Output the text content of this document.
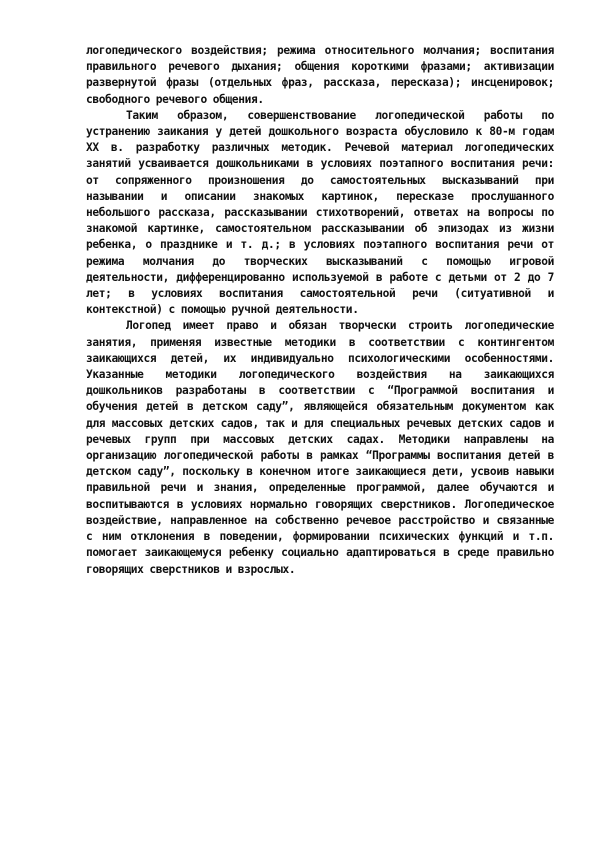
логопедического воздействия; режима относительного молчания; воспитания правильного речевого дыхания; общения короткими фразами; активизации развернутой фразы (отдельных фраз, рассказа, пересказа); инсценировок; свободного речевого общения.

Таким образом, совершенствование логопедической работы по устранению заикания у детей дошкольного возраста обусловило к 80-м годам XX в. разработку различных методик. Речевой материал логопедических занятий усваивается дошкольниками в условиях поэтапного воспитания речи: от сопряженного произношения до самостоятельных высказываний при назывании и описании знакомых картинок, пересказе прослушанного небольшого рассказа, рассказывании стихотворений, ответах на вопросы по знакомой картинке, самостоятельном рассказывании об эпизодах из жизни ребенка, о празднике и т. д.; в условиях поэтапного воспитания речи от режима молчания до творческих высказываний с помощью игровой деятельности, дифференцированно используемой в работе с детьми от 2 до 7 лет; в условиях воспитания самостоятельной речи (ситуативной и контекстной) с помощью ручной деятельности.

Логопед имеет право и обязан творчески строить логопедические занятия, применяя известные методики в соответствии с контингентом заикающихся детей, их индивидуально психологическими особенностями. Указанные методики логопедического воздействия на заикающихся дошкольников разработаны в соответствии с “Программой воспитания и обучения детей в детском саду”, являющейся обязательным документом как для массовых детских садов, так и для специальных речевых детских садов и речевых групп при массовых детских садах. Методики направлены на организацию логопедической работы в рамках “Программы воспитания детей в детском саду”, поскольку в конечном итоге заикающиеся дети, усвоив навыки правильной речи и знания, определенные программой, далее обучаются и воспитываются в условиях нормально говорящих сверстников. Логопедическое воздействие, направленное на собственно речевое расстройство и связанные с ним отклонения в поведении, формировании психических функций и т.п. помогает заикающемуся ребенку социально адаптироваться в среде правильно говорящих сверстников и взрослых.
